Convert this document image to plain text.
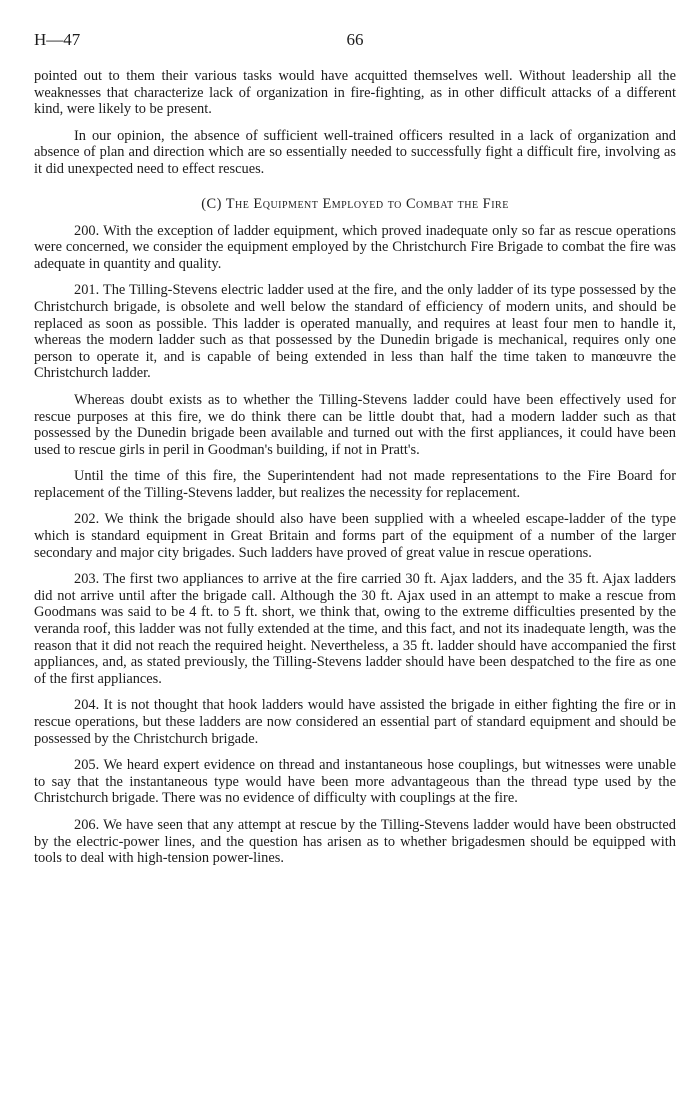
H—47	66

pointed out to them their various tasks would have acquitted themselves well. Without leadership all the weaknesses that characterize lack of organization in fire-fighting, as in other difficult attacks of a different kind, were likely to be present.

In our opinion, the absence of sufficient well-trained officers resulted in a lack of organization and absence of plan and direction which are so essentially needed to successfully fight a difficult fire, involving as it did unexpected need to effect rescues.

(C) The Equipment Employed to Combat the Fire

200. With the exception of ladder equipment, which proved inadequate only so far as rescue operations were concerned, we consider the equipment employed by the Christchurch Fire Brigade to combat the fire was adequate in quantity and quality.

201. The Tilling-Stevens electric ladder used at the fire, and the only ladder of its type possessed by the Christchurch brigade, is obsolete and well below the standard of efficiency of modern units, and should be replaced as soon as possible. This ladder is operated manually, and requires at least four men to handle it, whereas the modern ladder such as that possessed by the Dunedin brigade is mechanical, requires only one person to operate it, and is capable of being extended in less than half the time taken to manœuvre the Christchurch ladder.

Whereas doubt exists as to whether the Tilling-Stevens ladder could have been effectively used for rescue purposes at this fire, we do think there can be little doubt that, had a modern ladder such as that possessed by the Dunedin brigade been available and turned out with the first appliances, it could have been used to rescue girls in peril in Goodman's building, if not in Pratt's.

Until the time of this fire, the Superintendent had not made representations to the Fire Board for replacement of the Tilling-Stevens ladder, but realizes the necessity for replacement.

202. We think the brigade should also have been supplied with a wheeled escape-ladder of the type which is standard equipment in Great Britain and forms part of the equipment of a number of the larger secondary and major city brigades. Such ladders have proved of great value in rescue operations.

203. The first two appliances to arrive at the fire carried 30 ft. Ajax ladders, and the 35 ft. Ajax ladders did not arrive until after the brigade call. Although the 30 ft. Ajax used in an attempt to make a rescue from Goodmans was said to be 4 ft. to 5 ft. short, we think that, owing to the extreme difficulties presented by the veranda roof, this ladder was not fully extended at the time, and this fact, and not its inadequate length, was the reason that it did not reach the required height. Nevertheless, a 35 ft. ladder should have accompanied the first appliances, and, as stated previously, the Tilling-Stevens ladder should have been despatched to the fire as one of the first appliances.

204. It is not thought that hook ladders would have assisted the brigade in either fighting the fire or in rescue operations, but these ladders are now considered an essential part of standard equipment and should be possessed by the Christchurch brigade.

205. We heard expert evidence on thread and instantaneous hose couplings, but witnesses were unable to say that the instantaneous type would have been more advantageous than the thread type used by the Christchurch brigade. There was no evidence of difficulty with couplings at the fire.

206. We have seen that any attempt at rescue by the Tilling-Stevens ladder would have been obstructed by the electric-power lines, and the question has arisen as to whether brigadesmen should be equipped with tools to deal with high-tension power-lines.
